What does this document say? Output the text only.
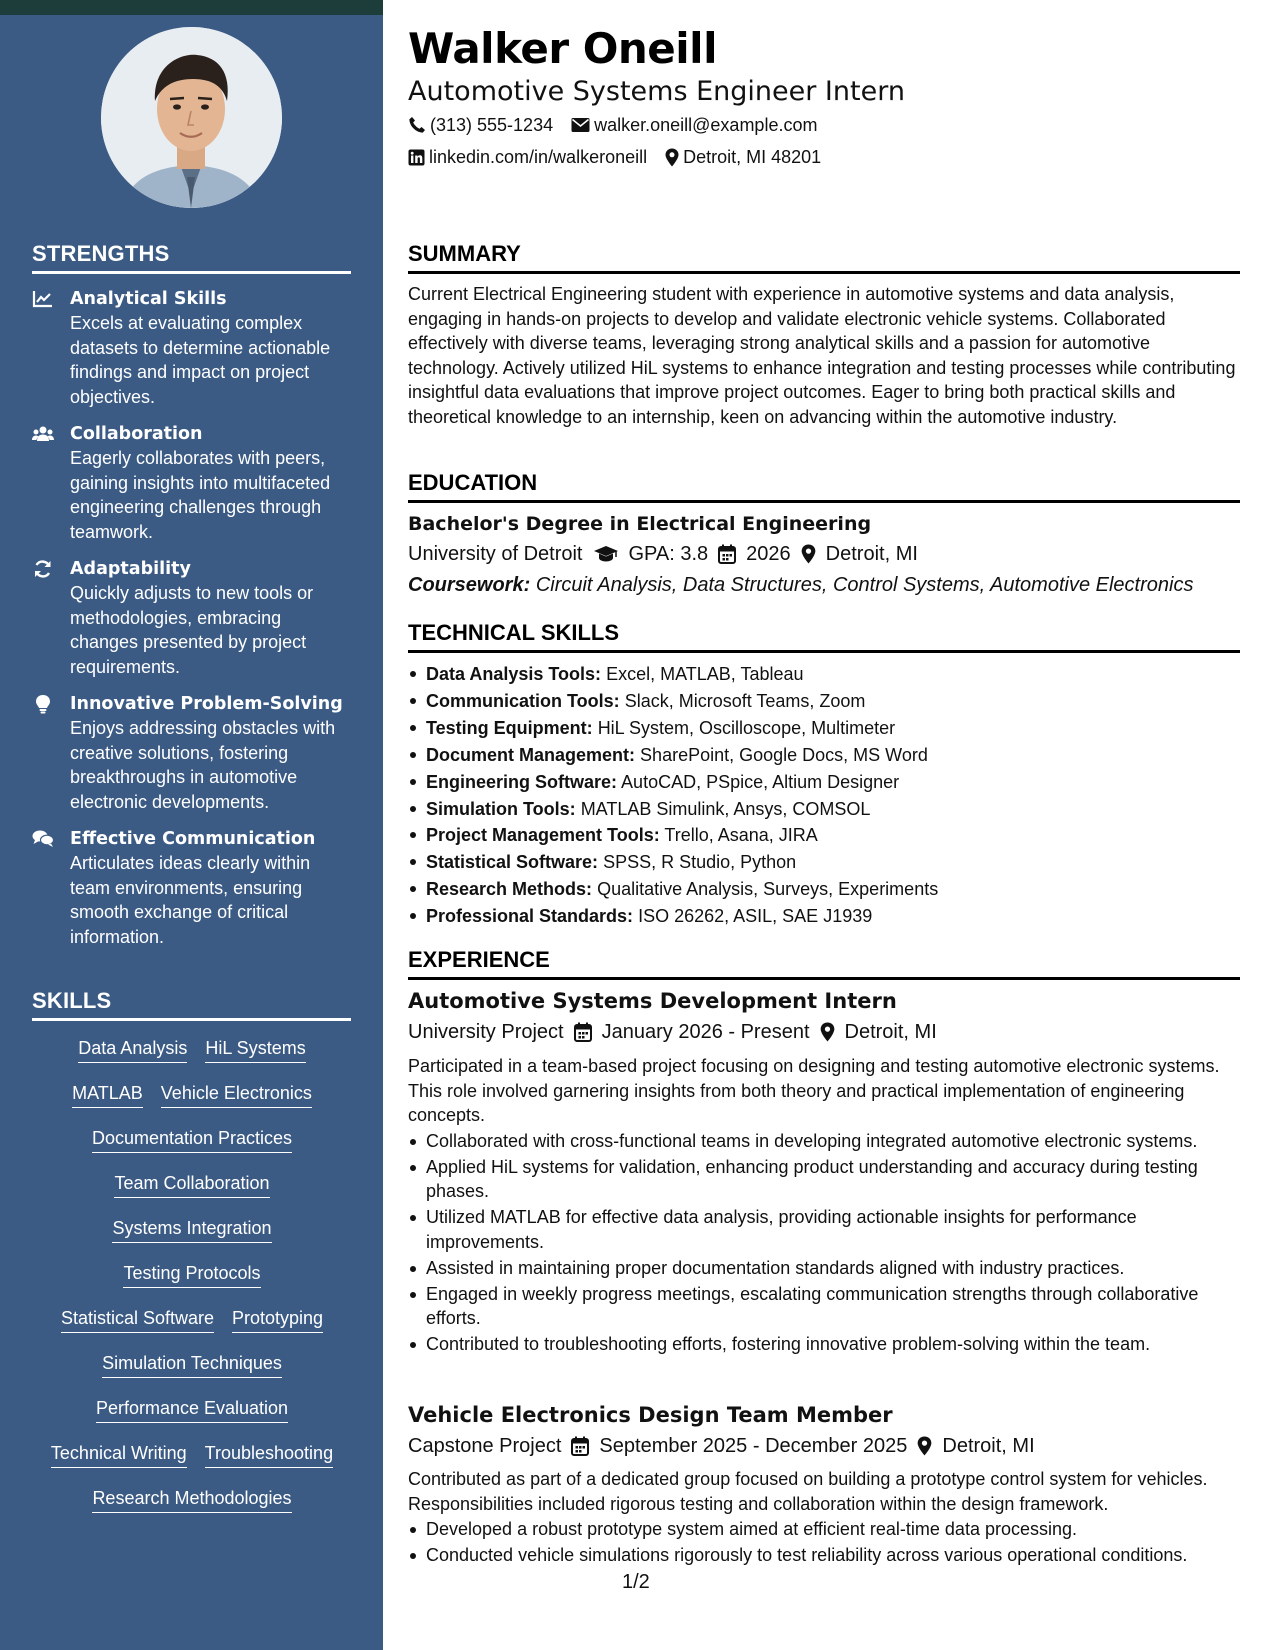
STRENGTHS
Analytical Skills
Excels at evaluating complex datasets to determine actionable findings and impact on project objectives.
Collaboration
Eagerly collaborates with peers, gaining insights into multifaceted engineering challenges through teamwork.
Adaptability
Quickly adjusts to new tools or methodologies, embracing changes presented by project requirements.
Innovative Problem-Solving
Enjoys addressing obstacles with creative solutions, fostering breakthroughs in automotive electronic developments.
Effective Communication
Articulates ideas clearly within team environments, ensuring smooth exchange of critical information.
SKILLS
Data Analysis HiL Systems
MATLAB Vehicle Electronics
Documentation Practices
Team Collaboration
Systems Integration
Testing Protocols
Statistical Software Prototyping
Simulation Techniques
Performance Evaluation
Technical Writing Troubleshooting
Research Methodologies
Walker Oneill
Automotive Systems Engineer Intern
(313) 555-1234 walker.oneill@example.com
linkedin.com/in/walkeroneill Detroit, MI 48201
SUMMARY
Current Electrical Engineering student with experience in automotive systems and data analysis, engaging in hands-on projects to develop and validate electronic vehicle systems. Collaborated effectively with diverse teams, leveraging strong analytical skills and a passion for automotive technology. Actively utilized HiL systems to enhance integration and testing processes while contributing insightful data evaluations that improve project outcomes. Eager to bring both practical skills and theoretical knowledge to an internship, keen on advancing within the automotive industry.
EDUCATION
Bachelor's Degree in Electrical Engineering
University of Detroit GPA: 3.8 2026 Detroit, MI
Coursework: Circuit Analysis, Data Structures, Control Systems, Automotive Electronics
TECHNICAL SKILLS
Data Analysis Tools: Excel, MATLAB, Tableau
Communication Tools: Slack, Microsoft Teams, Zoom
Testing Equipment: HiL System, Oscilloscope, Multimeter
Document Management: SharePoint, Google Docs, MS Word
Engineering Software: AutoCAD, PSpice, Altium Designer
Simulation Tools: MATLAB Simulink, Ansys, COMSOL
Project Management Tools: Trello, Asana, JIRA
Statistical Software: SPSS, R Studio, Python
Research Methods: Qualitative Analysis, Surveys, Experiments
Professional Standards: ISO 26262, ASIL, SAE J1939
EXPERIENCE
Automotive Systems Development Intern
University Project January 2026 - Present Detroit, MI
Participated in a team-based project focusing on designing and testing automotive electronic systems. This role involved garnering insights from both theory and practical implementation of engineering concepts.
Collaborated with cross-functional teams in developing integrated automotive electronic systems.
Applied HiL systems for validation, enhancing product understanding and accuracy during testing phases.
Utilized MATLAB for effective data analysis, providing actionable insights for performance improvements.
Assisted in maintaining proper documentation standards aligned with industry practices.
Engaged in weekly progress meetings, escalating communication strengths through collaborative efforts.
Contributed to troubleshooting efforts, fostering innovative problem-solving within the team.
Vehicle Electronics Design Team Member
Capstone Project September 2025 - December 2025 Detroit, MI
Contributed as part of a dedicated group focused on building a prototype control system for vehicles. Responsibilities included rigorous testing and collaboration within the design framework.
Developed a robust prototype system aimed at efficient real-time data processing.
Conducted vehicle simulations rigorously to test reliability across various operational conditions.
1/2
